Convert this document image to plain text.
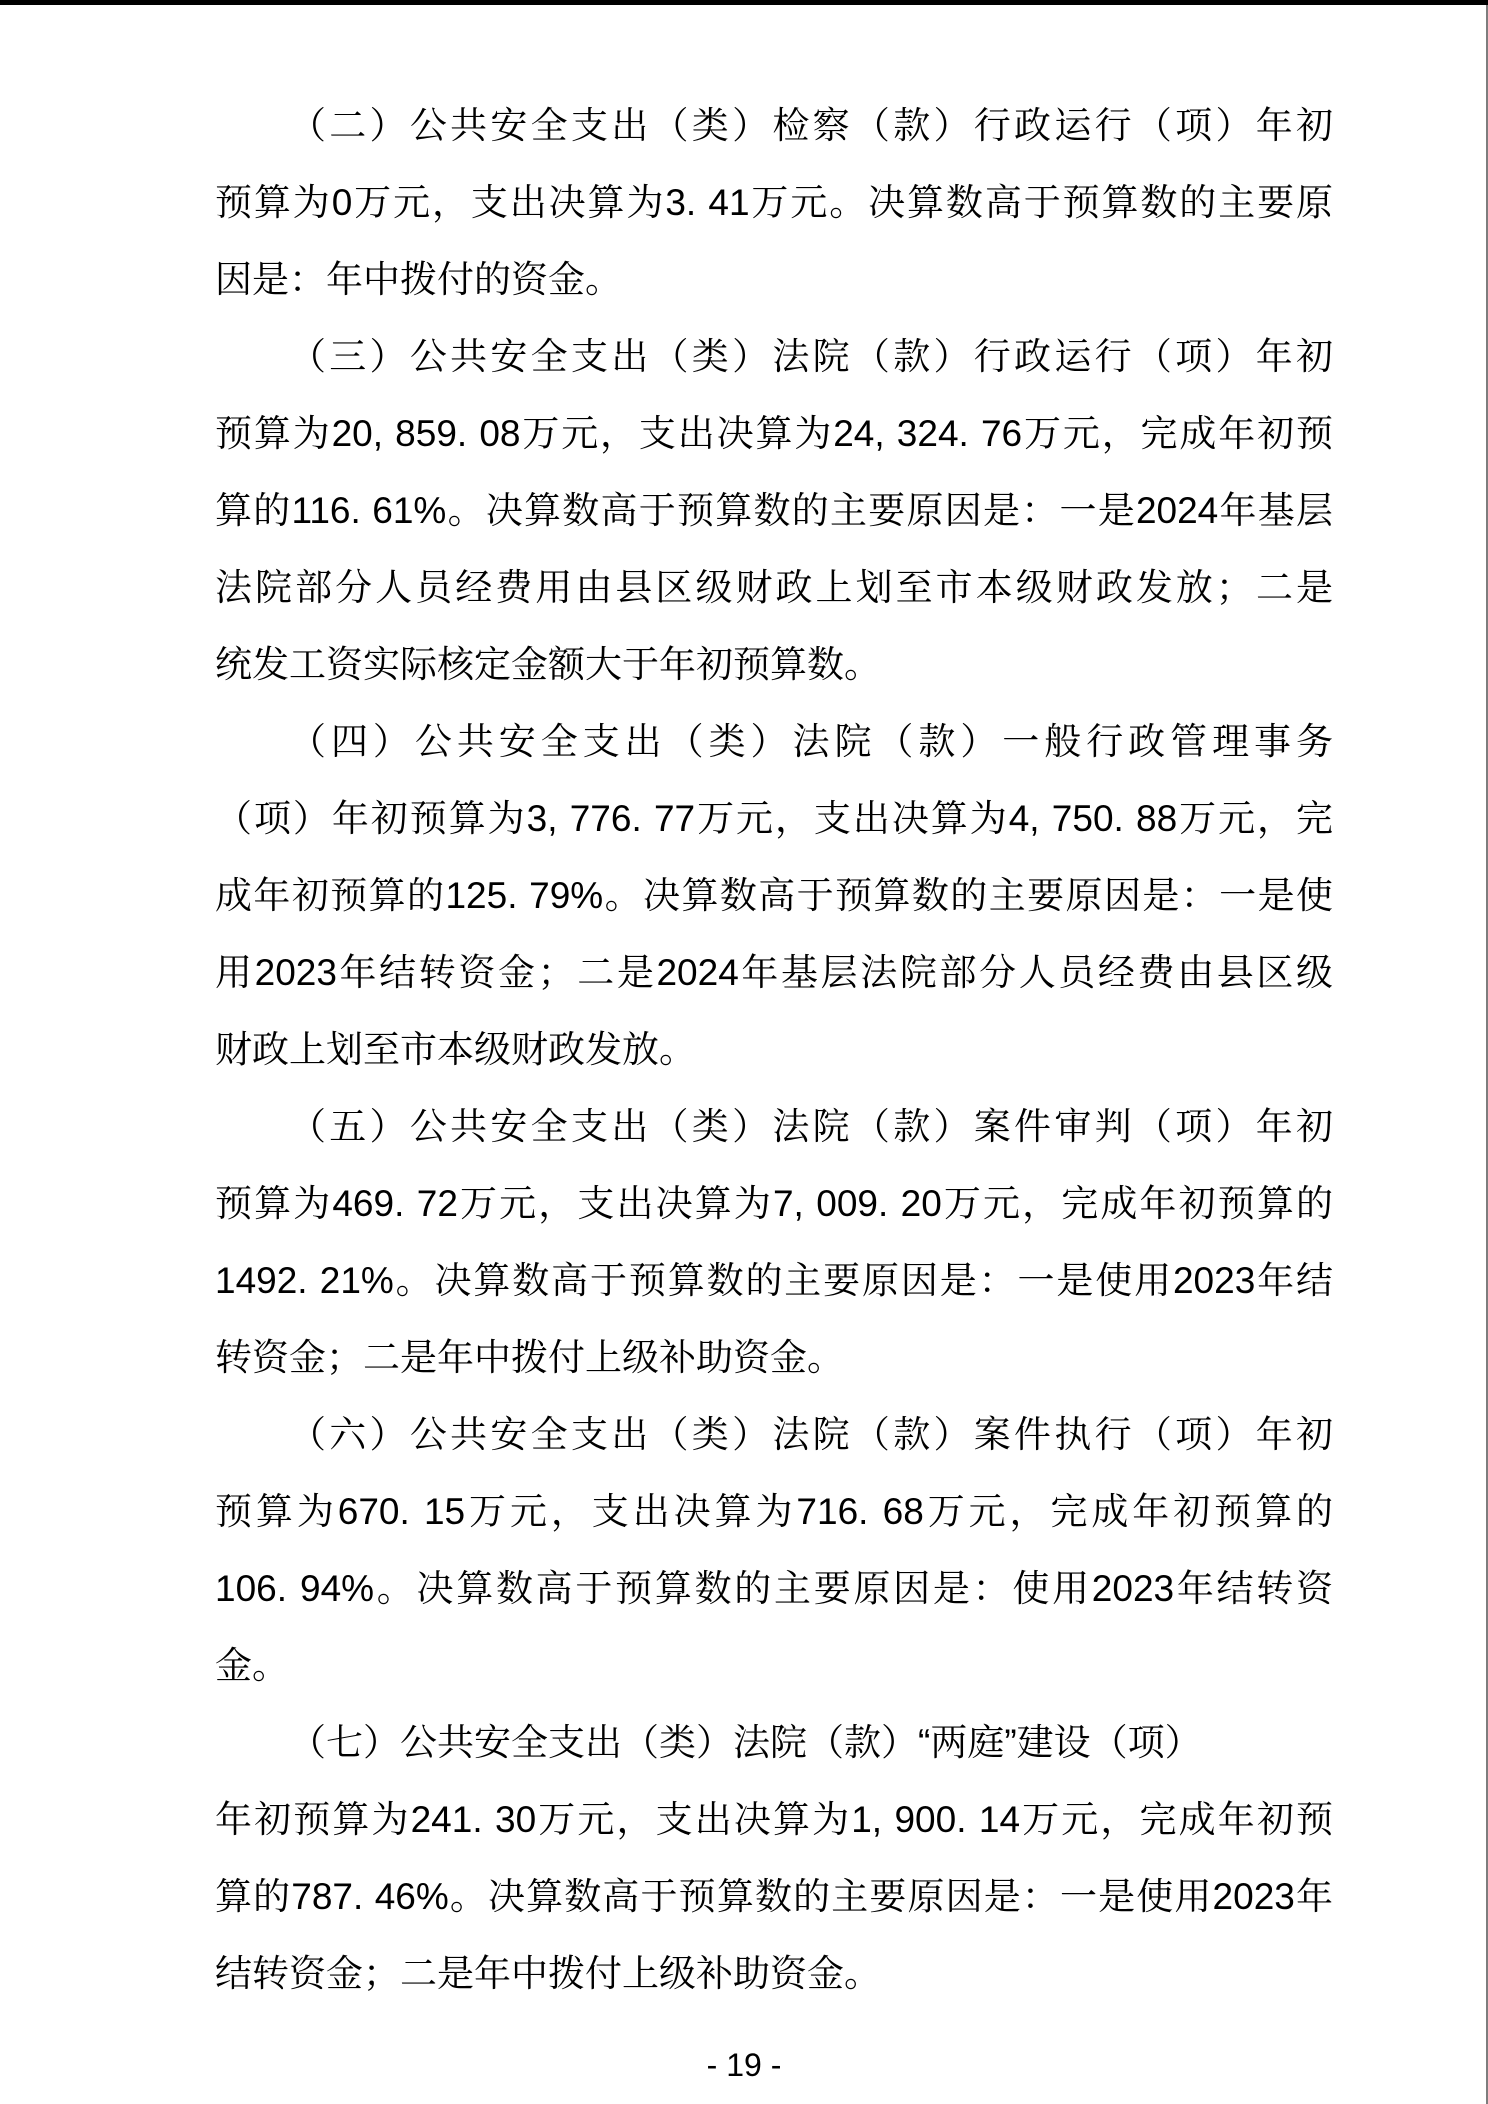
（二）公共安全支出（类）检察（款）行政运行（项）年初
预算为0万元，支出决算为3. 41万元。决算数高于预算数的主要原
因是：年中拨付的资金。
（三）公共安全支出（类）法院（款）行政运行（项）年初
预算为20, 859. 08万元，支出决算为24, 324. 76万元，完成年初预
算的116. 61%。决算数高于预算数的主要原因是：一是2024年基层
法院部分人员经费用由县区级财政上划至市本级财政发放；二是
统发工资实际核定金额大于年初预算数。
（四）公共安全支出（类）法院（款）一般行政管理事务
（项）年初预算为3, 776. 77万元，支出决算为4, 750. 88万元，完
成年初预算的125. 79%。决算数高于预算数的主要原因是：一是使
用2023年结转资金；二是2024年基层法院部分人员经费由县区级
财政上划至市本级财政发放。
（五）公共安全支出（类）法院（款）案件审判（项）年初
预算为469. 72万元，支出决算为7, 009. 20万元，完成年初预算的
1492. 21%。决算数高于预算数的主要原因是：一是使用2023年结
转资金；二是年中拨付上级补助资金。
（六）公共安全支出（类）法院（款）案件执行（项）年初
预算为670. 15万元，支出决算为716. 68万元，完成年初预算的
106. 94%。决算数高于预算数的主要原因是：使用2023年结转资
金。
（七）公共安全支出（类）法院（款）“两庭”建设（项）
年初预算为241. 30万元，支出决算为1, 900. 14万元，完成年初预
算的787. 46%。决算数高于预算数的主要原因是：一是使用2023年
结转资金；二是年中拨付上级补助资金。
- 19 -
